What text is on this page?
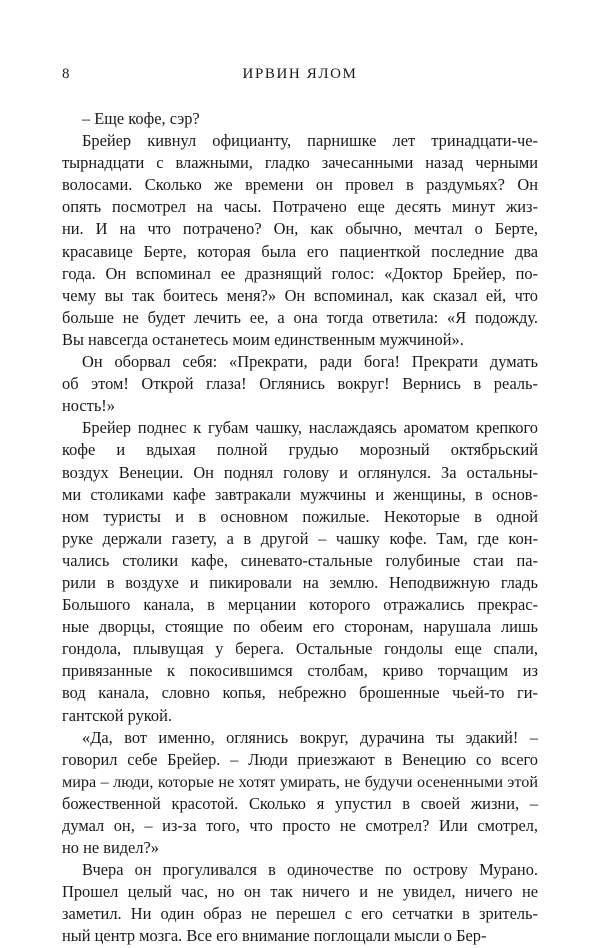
8	ИРВИН ЯЛОМ
– Еще кофе, сэр?
Брейер кивнул официанту, парнишке лет тринадцати-че-
тырнадцати с влажными, гладко зачесанными назад черными
волосами. Сколько же времени он провел в раздумьях? Он
опять посмотрел на часы. Потрачено еще десять минут жиз-
ни. И на что потрачено? Он, как обычно, мечтал о Берте,
красавице Берте, которая была его пациенткой последние два
года. Он вспоминал ее дразнящий голос: «Доктор Брейер, по-
чему вы так боитесь меня?» Он вспоминал, как сказал ей, что
больше не будет лечить ее, а она тогда ответила: «Я подожду.
Вы навсегда останетесь моим единственным мужчиной».
Он оборвал себя: «Прекрати, ради бога! Прекрати думать
об этом! Открой глаза! Оглянись вокруг! Вернись в реаль-
ность!»
Брейер поднес к губам чашку, наслаждаясь ароматом крепкого
кофе и вдыхая полной грудью морозный октябрьский
воздух Венеции. Он поднял голову и оглянулся. За остальны-
ми столиками кафе завтракали мужчины и женщины, в основ-
ном туристы и в основном пожилые. Некоторые в одной
руке держали газету, а в другой – чашку кофе. Там, где кон-
чались столики кафе, синевато-стальные голубиные стаи па-
рили в воздухе и пикировали на землю. Неподвижную гладь
Большого канала, в мерцании которого отражались прекрас-
ные дворцы, стоящие по обеим его сторонам, нарушала лишь
гондола, плывущая у берега. Остальные гондолы еще спали,
привязанные к покосившимся столбам, криво торчащим из
вод канала, словно копья, небрежно брошенные чьей-то ги-
гантской рукой.
«Да, вот именно, оглянись вокруг, дурачина ты эдакий! –
говорил себе Брейер. – Люди приезжают в Венецию со всего
мира – люди, которые не хотят умирать, не будучи осененными этой
божественной красотой. Сколько я упустил в своей жизни, –
думал он, – из-за того, что просто не смотрел? Или смотрел,
но не видел?»
Вчера он прогуливался в одиночестве по острову Мурано.
Прошел целый час, но он так ничего и не увидел, ничего не
заметил. Ни один образ не перешел с его сетчатки в зритель-
ный центр мозга. Все его внимание поглощали мысли о Бер-
